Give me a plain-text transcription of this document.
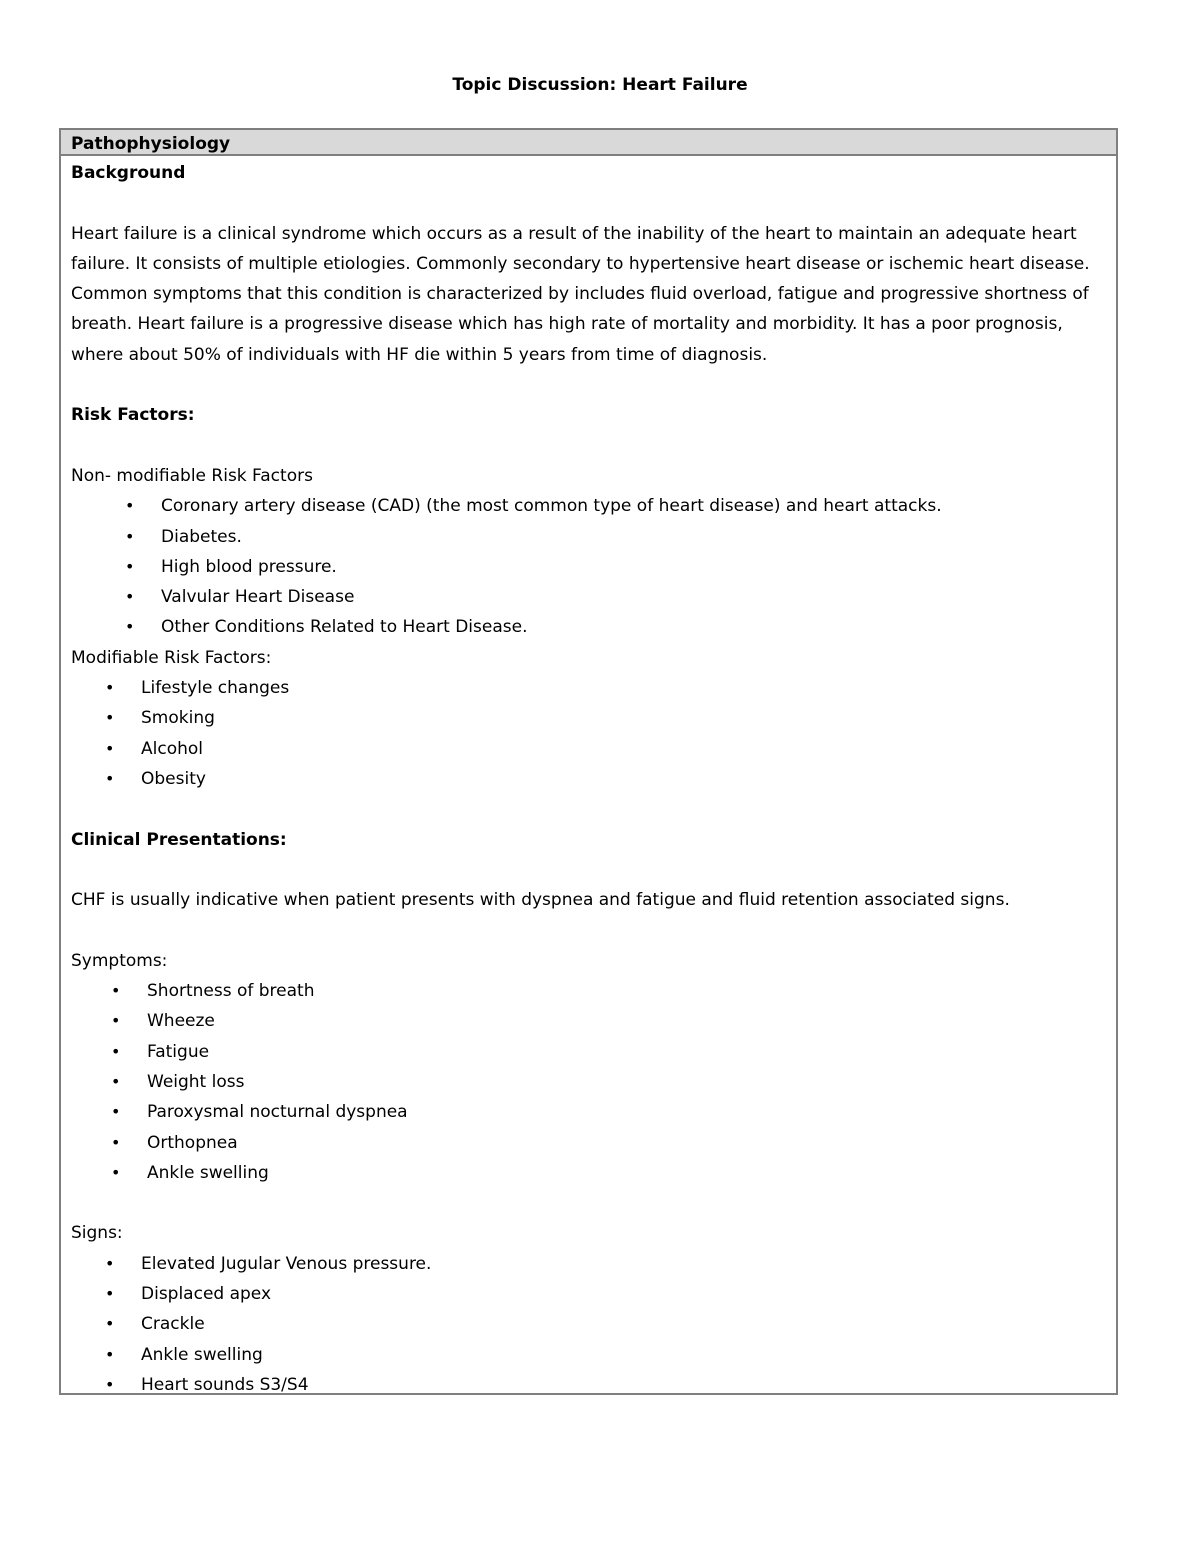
Topic Discussion: Heart Failure
Pathophysiology
Background

Heart failure is a clinical syndrome which occurs as a result of the inability of the heart to maintain an adequate heart failure. It consists of multiple etiologies. Commonly secondary to hypertensive heart disease or ischemic heart disease. Common symptoms that this condition is characterized by includes fluid overload, fatigue and progressive shortness of breath. Heart failure is a progressive disease which has high rate of mortality and morbidity. It has a poor prognosis, where about 50% of individuals with HF die within 5 years from time of diagnosis.

Risk Factors:
Non- modifiable Risk Factors
• Coronary artery disease (CAD) (the most common type of heart disease) and heart attacks.
• Diabetes.
• High blood pressure.
• Valvular Heart Disease
• Other Conditions Related to Heart Disease.
Modifiable Risk Factors:
• Lifestyle changes
• Smoking
• Alcohol
• Obesity
Clinical Presentations:
CHF is usually indicative when patient presents with dyspnea and fatigue and fluid retention associated signs.
Symptoms:
• Shortness of breath
• Wheeze
• Fatigue
• Weight loss
• Paroxysmal nocturnal dyspnea
• Orthopnea
• Ankle swelling
Signs:
• Elevated Jugular Venous pressure.
• Displaced apex
• Crackle
• Ankle swelling
• Heart sounds S3/S4
